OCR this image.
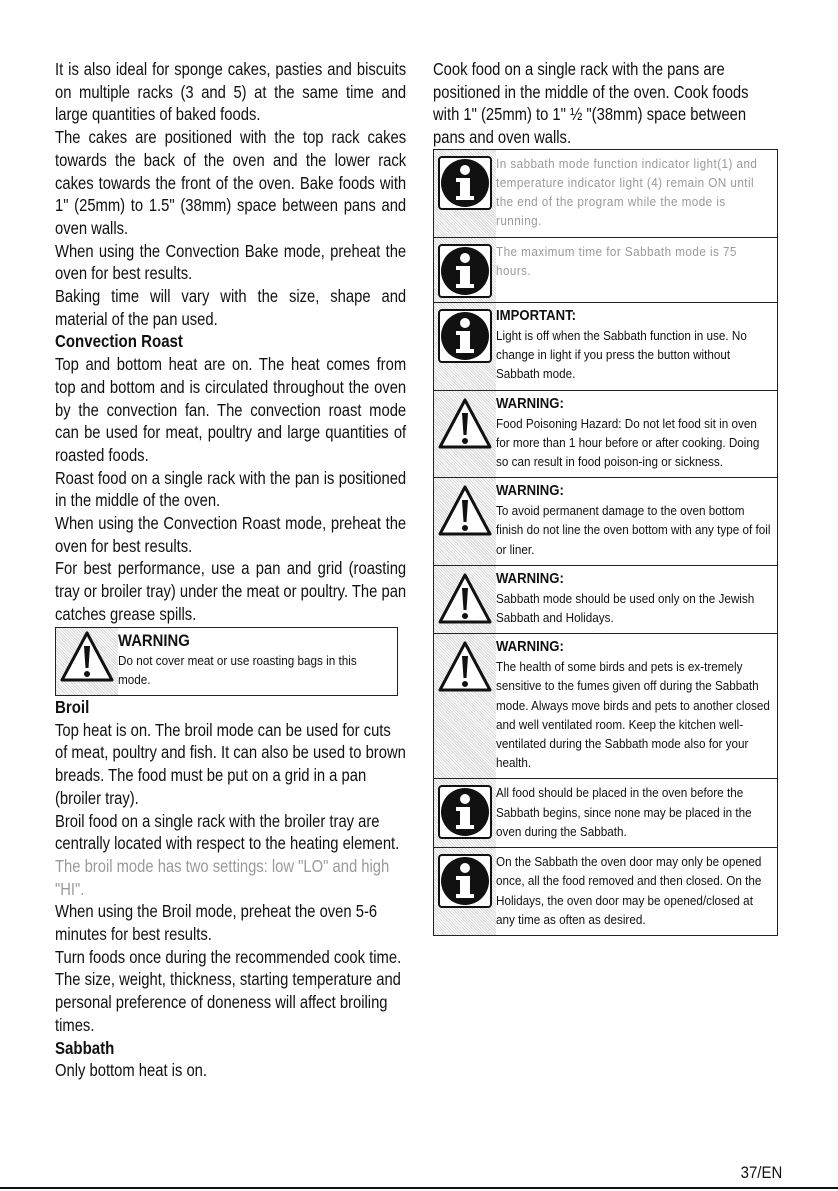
It is also ideal for sponge cakes, pasties and biscuits on multiple racks (3 and 5) at the same time and large quantities of baked foods.

The cakes are positioned with the top rack cakes towards the back of the oven and the lower rack cakes towards the front of the oven. Bake foods with 1" (25mm) to 1.5" (38mm) space between pans and oven walls.

When using the Convection Bake mode, preheat the oven for best results.

Baking time will vary with the size, shape and material of the pan used.

Convection Roast

Top and bottom heat are on. The heat comes from top and bottom and is circulated throughout the oven by the convection fan. The convection roast mode can be used for meat, poultry and large quantities of roasted foods.

Roast food on a single rack with the pan is positioned in the middle of the oven.

When using the Convection Roast mode, preheat the oven for best results.

For best performance, use a pan and grid (roasting tray or broiler tray) under the meat or poultry. The pan catches grease spills.

WARNING

Do not cover meat or use roasting bags in this mode.

Broil

Top heat is on. The broil mode can be used for cuts of meat, poultry and fish. It can also be used to brown breads. The food must be put on a grid in a pan (broiler tray).

Broil food on a single rack with the broiler tray are centrally located with respect to the heating element.

The broil mode has two settings: low "LO" and high "HI".

When using the Broil mode, preheat the oven 5-6 minutes for best results.

Turn foods once during the recommended cook time.

The size, weight, thickness, starting temperature and personal preference of doneness will affect broiling times.

Sabbath

Only bottom heat is on.

Cook food on a single rack with the pans are positioned in the middle of the oven. Cook foods with 1" (25mm) to 1" ½ "(38mm) space between pans and oven walls.

In sabbath mode function indicator light(1) and temperature indicator light (4) remain ON until the end of the program while the mode is running.

The maximum time for Sabbath mode is 75 hours.

IMPORTANT:

Light is off when the Sabbath function in use. No change in light if you press the button without Sabbath mode.

WARNING:

Food Poisoning Hazard: Do not let food sit in oven for more than 1 hour before or after cooking. Doing so can result in food poison-ing or sickness.

WARNING:

To avoid permanent damage to the oven bottom finish do not line the oven bottom with any type of foil or liner.

WARNING:

Sabbath mode should be used only on the Jewish Sabbath and Holidays.

WARNING:

The health of some birds and pets is ex-tremely sensitive to the fumes given off during the Sabbath mode. Always move birds and pets to another closed and well ventilated room. Keep the kitchen well-ventilated during the Sabbath mode also for your health.

All food should be placed in the oven before the Sabbath begins, since none may be placed in the oven during the Sabbath.

On the Sabbath the oven door may only be opened once, all the food removed and then closed. On the Holidays, the oven door may be opened/closed at any time as often as desired.

37/EN
